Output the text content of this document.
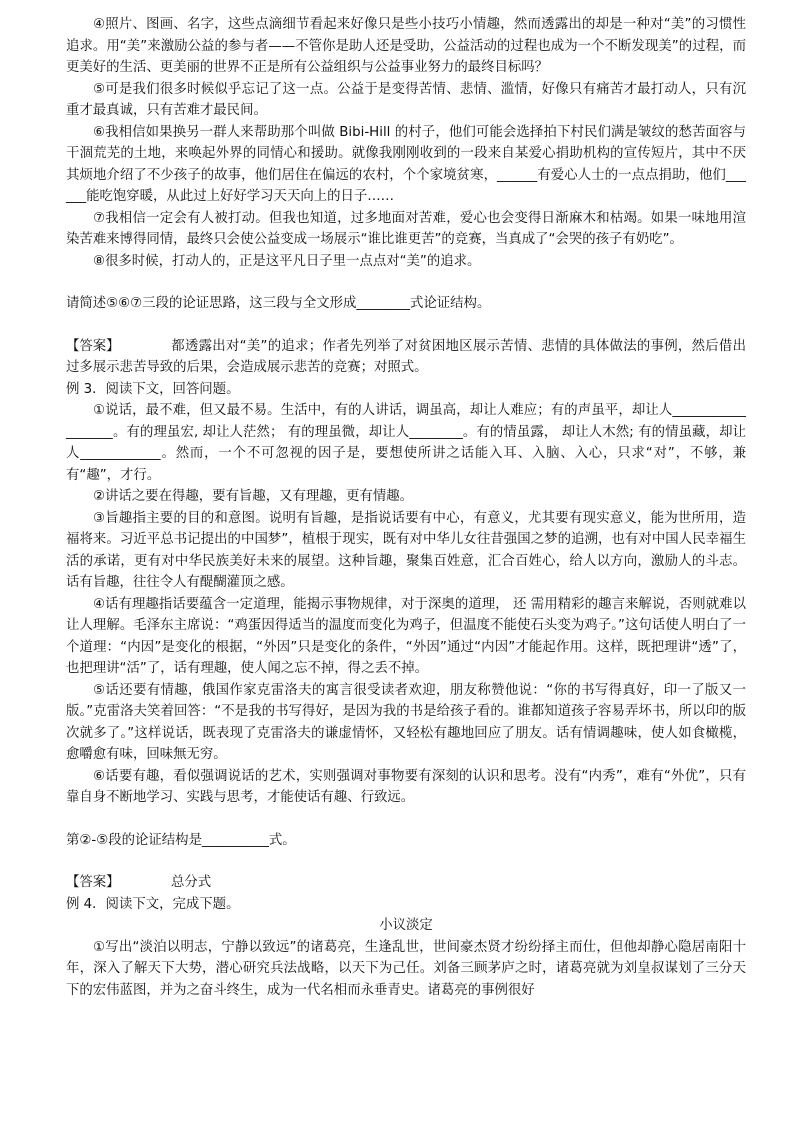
④照片、图画、名字，这些点滴细节看起来好像只是些小技巧小情趣，然而透露出的却是一种对“美”的习惯性追求。用“美”来激励公益的参与者——不管你是助人还是受助，公益活动的过程也成为一个不断发现美”的过程，而更美好的生活、更美丽的世界不正是所有公益组织与公益事业努力的最终目标吗？

⑤可是我们很多时候似乎忘记了这一点。公益于是变得苦情、悲情、滥情，好像只有痛苦才最打动人，只有沉重才最真诚，只有苦难才最民间。

⑥我相信如果换另一群人来帮助那个叫做 Bibi-Hill 的村子，他们可能会选择拍下村民们满是皱纹的愁苦面容与干涸荒芜的土地，来唤起外界的同情心和援助。就像我刚刚收到的一段来自某爱心捐助机构的宣传短片，其中不厌其烦地介绍了不少孩子的故事，他们居住在偏远的农村，个个家境贫寒，______有爱心人士的一点点捐助，他们______能吃饱穿暖，从此过上好好学习天天向上的日子……

⑦我相信一定会有人被打动。但我也知道，过多地面对苦难，爱心也会变得日渐麻木和枯竭。如果一味地用渲染苦难来博得同情，最终只会使公益变成一场展示“谁比谁更苦”的竞赛，当真成了“会哭的孩子有奶吃”。

⑧很多时候，打动人的，正是这平凡日子里一点点对“美”的追求。

请简述⑤⑥⑦三段的论证思路，这三段与全文形成________式论证结构。

【答案】	都透露出对“美”的追求；作者先列举了对贫困地区展示苦情、悲情的具体做法的事例，然后借出过多展示悲苦导致的后果，会造成展示悲苦的竞赛；对照式。

例 3．阅读下文，回答问题。

①说话，最不难，但又最不易。生活中，有的人讲话，调虽高，却让人难应；有的声虽平，却让人__________________。有的理虽宏, 却让人茫然； 有的理虽微，却让人________。有的情虽露， 却让人木然; 有的情虽藏，却让人____________。然而，一个不可忽视的因子是，要想使所讲之话能入耳、入脑、入心，只求“对”，不够，兼有“趣”，才行。

②讲话之要在得趣，要有旨趣，又有理趣，更有情趣。

③旨趣指主要的目的和意图。说明有旨趣，是指说话要有中心，有意义，尤其要有现实意义，能为世所用，造福将来。习近平总书记提出的中国梦”，植根于现实，既有对中华儿女往昔强国之梦的追溯，也有对中国人民幸福生活的承诺，更有对中华民族美好未来的展望。这种旨趣，聚集百姓意，汇合百姓心，给人以方向，激励人的斗志。话有旨趣，往往令人有醍醐灌顶之感。

④话有理趣指话要蕴含一定道理，能揭示事物规律，对于深奥的道理， 还 需用精彩的趣言来解说，否则就难以让人理解。毛泽东主席说：“鸡蛋因得适当的温度而变化为鸡子，但温度不能使石头变为鸡子。”这句话使人明白了一个道理：“内因”是变化的根据，“外因”只是变化的条件，“外因”通过“内因”才能起作用。这样，既把理讲“透”了，也把理讲“活”了，话有理趣，使人闻之忘不掉，得之丢不掉。

⑤话还要有情趣，俄国作家克雷洛夫的寓言很受读者欢迎，朋友称赞他说：“你的书写得真好，印一了版又一版。”克雷洛夫笑着回答：“不是我的书写得好，是因为我的书是给孩子看的。谁都知道孩子容易弄坏书，所以印的版次就多了。”这样说话，既表现了克雷洛夫的谦虚情怀，又轻松有趣地回应了朋友。话有情调趣味，使人如食橄榄，愈嚼愈有味，回味無无穷。

⑥话要有趣，看似强调说话的艺术，实则强调对事物要有深刻的认识和思考。没有“内秀”，难有“外优”，只有靠自身不断地学习、实践与思考，才能使话有趣、行致远。

第②-⑤段的论证结构是__________式。

【答案】	总分式

例 4．阅读下文，完成下题。

小议淡定

①写出“淡泊以明志，宁静以致远”的诸葛亮，生逢乱世，世间豪杰贤才纷纷择主而仕，但他却静心隐居南阳十年，深入了解天下大势，潜心研究兵法战略，以天下为己任。刘备三顾茅庐之时，诸葛亮就为刘皇叔谋划了三分天下的宏伟蓝图，并为之奋斗终生，成为一代名相而永垂青史。诸葛亮的事例很好
